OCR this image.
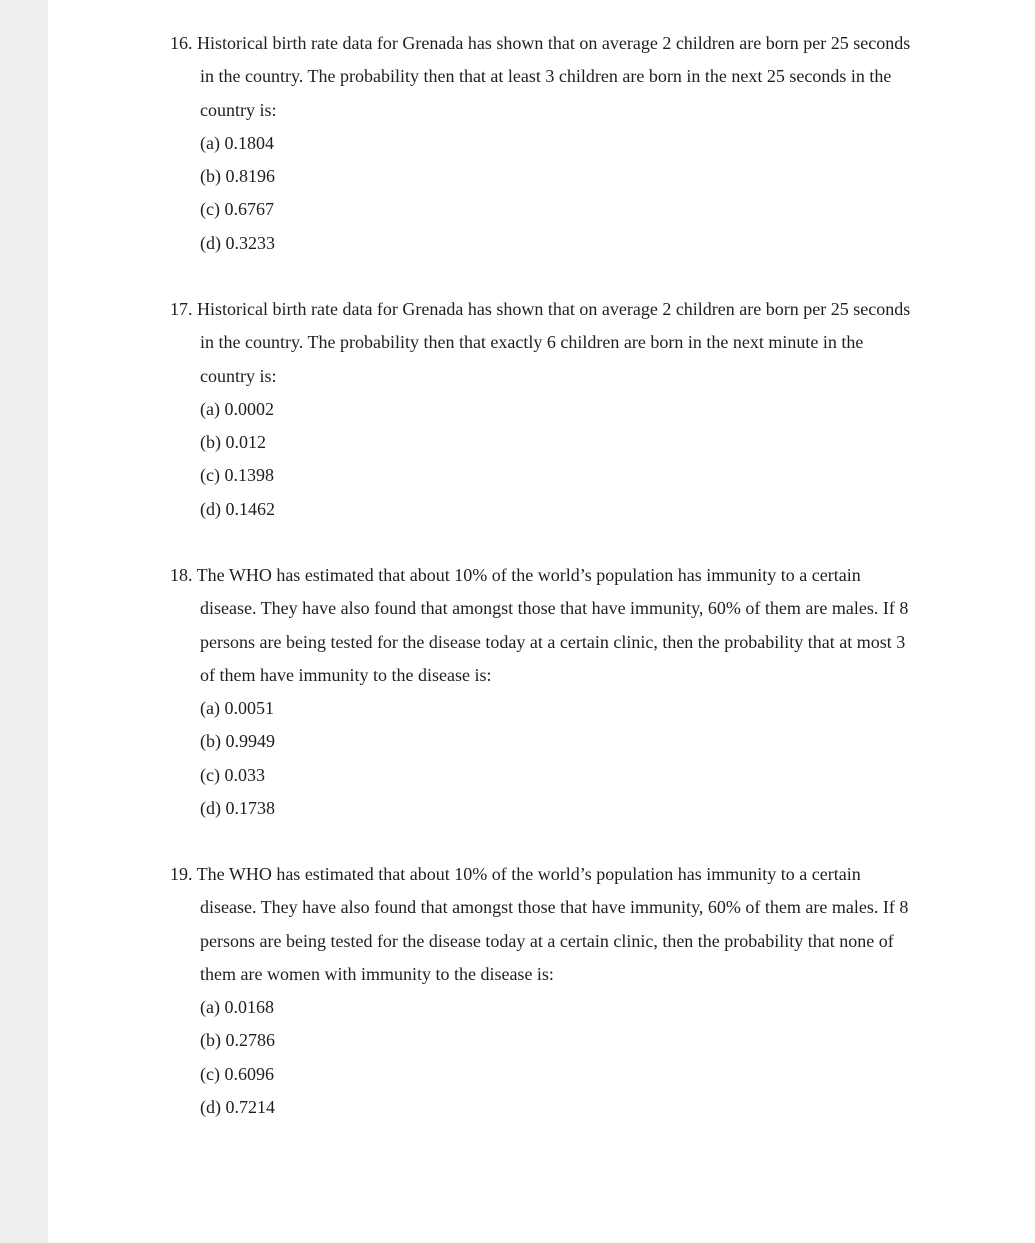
16. Historical birth rate data for Grenada has shown that on average 2 children are born per 25 seconds
in the country. The probability then that at least 3 children are born in the next 25 seconds in the
country is:
(a) 0.1804
(b) 0.8196
(c) 0.6767
(d) 0.3233
17. Historical birth rate data for Grenada has shown that on average 2 children are born per 25 seconds
in the country. The probability then that exactly 6 children are born in the next minute in the
country is:
(a) 0.0002
(b) 0.012
(c) 0.1398
(d) 0.1462
18. The WHO has estimated that about 10% of the world’s population has immunity to a certain
disease. They have also found that amongst those that have immunity, 60% of them are males. If 8
persons are being tested for the disease today at a certain clinic, then the probability that at most 3
of them have immunity to the disease is:
(a) 0.0051
(b) 0.9949
(c) 0.033
(d) 0.1738
19. The WHO has estimated that about 10% of the world’s population has immunity to a certain
disease. They have also found that amongst those that have immunity, 60% of them are males. If 8
persons are being tested for the disease today at a certain clinic, then the probability that none of
them are women with immunity to the disease is:
(a) 0.0168
(b) 0.2786
(c) 0.6096
(d) 0.7214
